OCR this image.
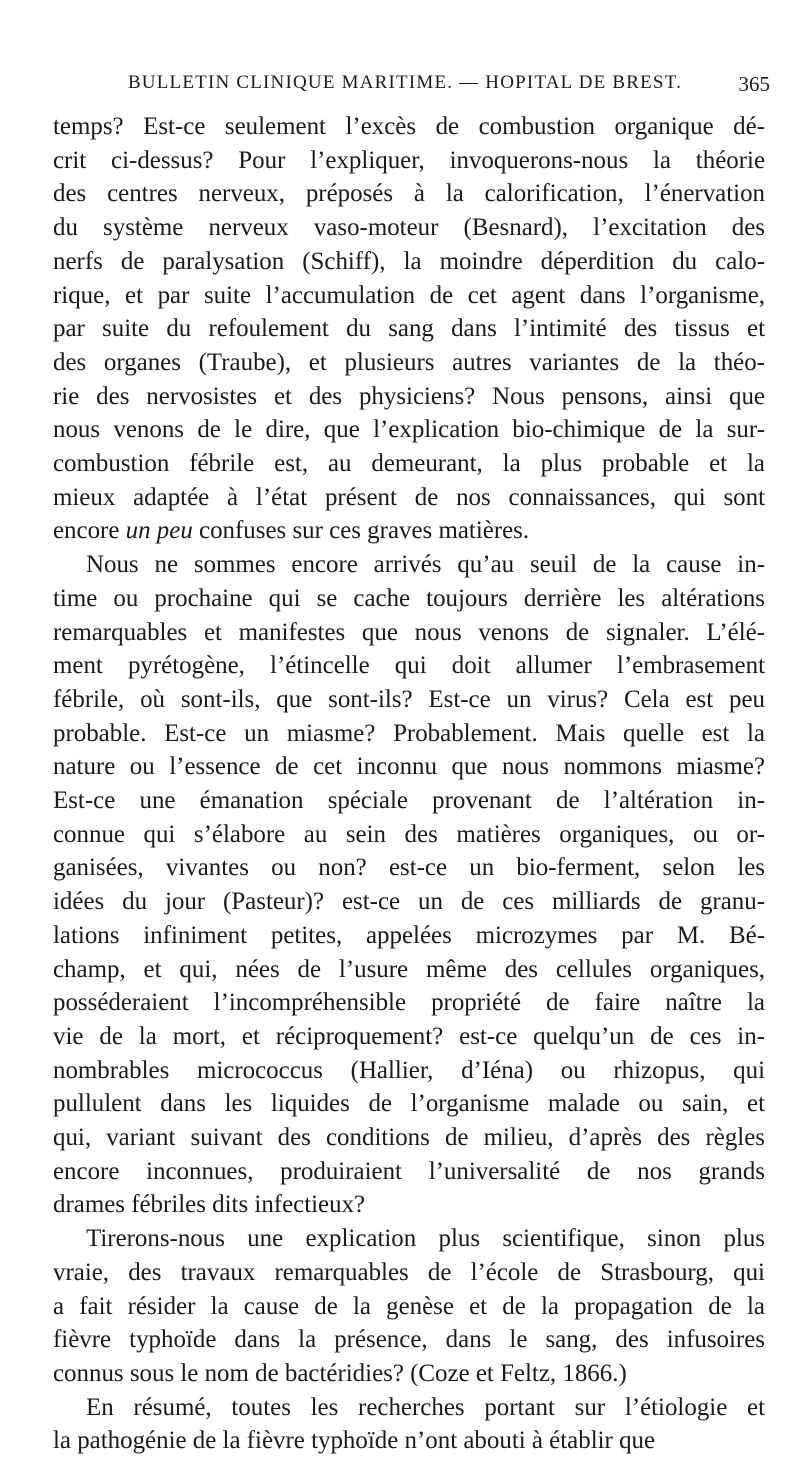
BULLETIN CLINIQUE MARITIME. — HOPITAL DE BREST.	365
temps? Est-ce seulement l’excès de combustion organique dé-
crit ci-dessus? Pour l’expliquer, invoquerons-nous la théorie
des centres nerveux, préposés à la calorification, l’énervation
du système nerveux vaso-moteur (Besnard), l’excitation des
nerfs de paralysation (Schiff), la moindre déperdition du calo-
rique, et par suite l’accumulation de cet agent dans l’organisme,
par suite du refoulement du sang dans l’intimité des tissus et
des organes (Traube), et plusieurs autres variantes de la théo-
rie des nervosistes et des physiciens? Nous pensons, ainsi que
nous venons de le dire, que l’explication bio-chimique de la sur-
combustion fébrile est, au demeurant, la plus probable et la
mieux adaptée à l’état présent de nos connaissances, qui sont
encore un peu confuses sur ces graves matières.
Nous ne sommes encore arrivés qu’au seuil de la cause in-
time ou prochaine qui se cache toujours derrière les altérations
remarquables et manifestes que nous venons de signaler. L’élé-
ment pyrétogène, l’étincelle qui doit allumer l’embrasement
fébrile, où sont-ils, que sont-ils? Est-ce un virus? Cela est peu
probable. Est-ce un miasme? Probablement. Mais quelle est la
nature ou l’essence de cet inconnu que nous nommons miasme?
Est-ce une émanation spéciale provenant de l’altération in-
connue qui s’élabore au sein des matières organiques, ou or-
ganisées, vivantes ou non? est-ce un bio-ferment, selon les
idées du jour (Pasteur)? est-ce un de ces milliards de granu-
lations infiniment petites, appelées microzymes par M. Bé-
champ, et qui, nées de l’usure même des cellules organiques,
posséderaient l’incompréhensible propriété de faire naître la
vie de la mort, et réciproquement? est-ce quelqu’un de ces in-
nombrables micrococcus (Hallier, d’Iéna) ou rhizopus, qui
pullulent dans les liquides de l’organisme malade ou sain, et
qui, variant suivant des conditions de milieu, d’après des règles
encore inconnues, produiraient l’universalité de nos grands
drames fébriles dits infectieux?
Tirerons-nous une explication plus scientifique, sinon plus
vraie, des travaux remarquables de l’école de Strasbourg, qui
a fait résider la cause de la genèse et de la propagation de la
fièvre typhoïde dans la présence, dans le sang, des infusoires
connus sous le nom de bactéridies? (Coze et Feltz, 1866.)
En résumé, toutes les recherches portant sur l’étiologie et
la pathogénie de la fièvre typhoïde n’ont abouti à établir que
